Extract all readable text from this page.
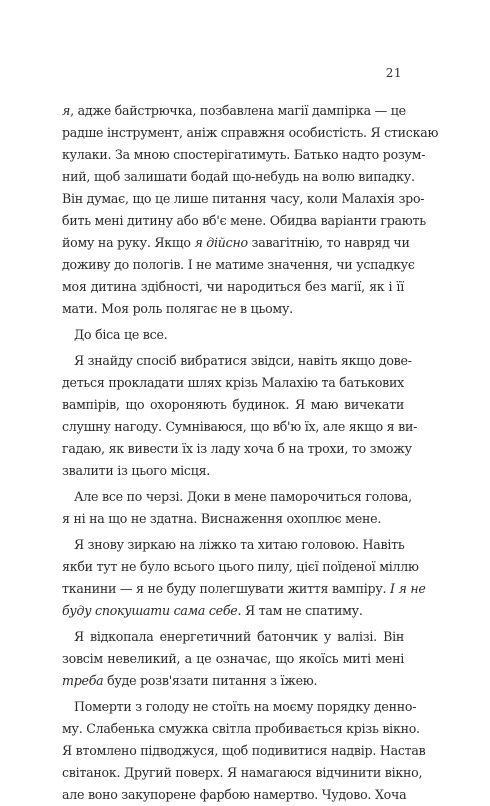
21
я, адже байстрючка, позбавлена магії дампірка — це
радше інструмент, аніж справжня особистість. Я стискаю
кулаки. За мною спостерігатимуть. Батько надто розум-
ний, щоб залишати бодай що-небудь на волю випадку.
Він думає, що це лише питання часу, коли Малахія зро-
бить мені дитину або вб'є мене. Обидва варіанти грають
йому на руку. Якщо я дійсно завагітнію, то навряд чи
доживу до пологів. І не матиме значення, чи успадкує
моя дитина здібності, чи народиться без магії, як і її
мати. Моя роль полягає не в цьому.
До біса це все.
Я знайду спосіб вибратися звідси, навіть якщо дове-
деться прокладати шлях крізь Малахію та батькових
вампірів, що охороняють будинок. Я маю вичекати
слушну нагоду. Сумніваюся, що вб'ю їх, але якщо я ви-
гадаю, як вивести їх із ладу хоча б на трохи, то зможу
звалити із цього місця.
Але все по черзі. Доки в мене паморочиться голова,
я ні на що не здатна. Виснаження охоплює мене.
Я знову зиркаю на ліжко та хитаю головою. Навіть
якби тут не було всього цього пилу, цієї поїденої міллю
тканини — я не буду полегшувати життя вампіру. І я не
буду спокушати сама себе. Я там не спатиму.
Я відкопала енергетичний батончик у валізі. Він
зовсім невеликий, а це означає, що якоїсь миті мені
треба буде розв'язати питання з їжею.
Померти з голоду не стоїть на моєму порядку денно-
му. Слабенька смужка світла пробивається крізь вікно.
Я втомлено підводжуся, щоб подивитися надвір. Настав
світанок. Другий поверх. Я намагаюся відчинити вікно,
але воно закупорене фарбою намертво. Чудово. Хоча
